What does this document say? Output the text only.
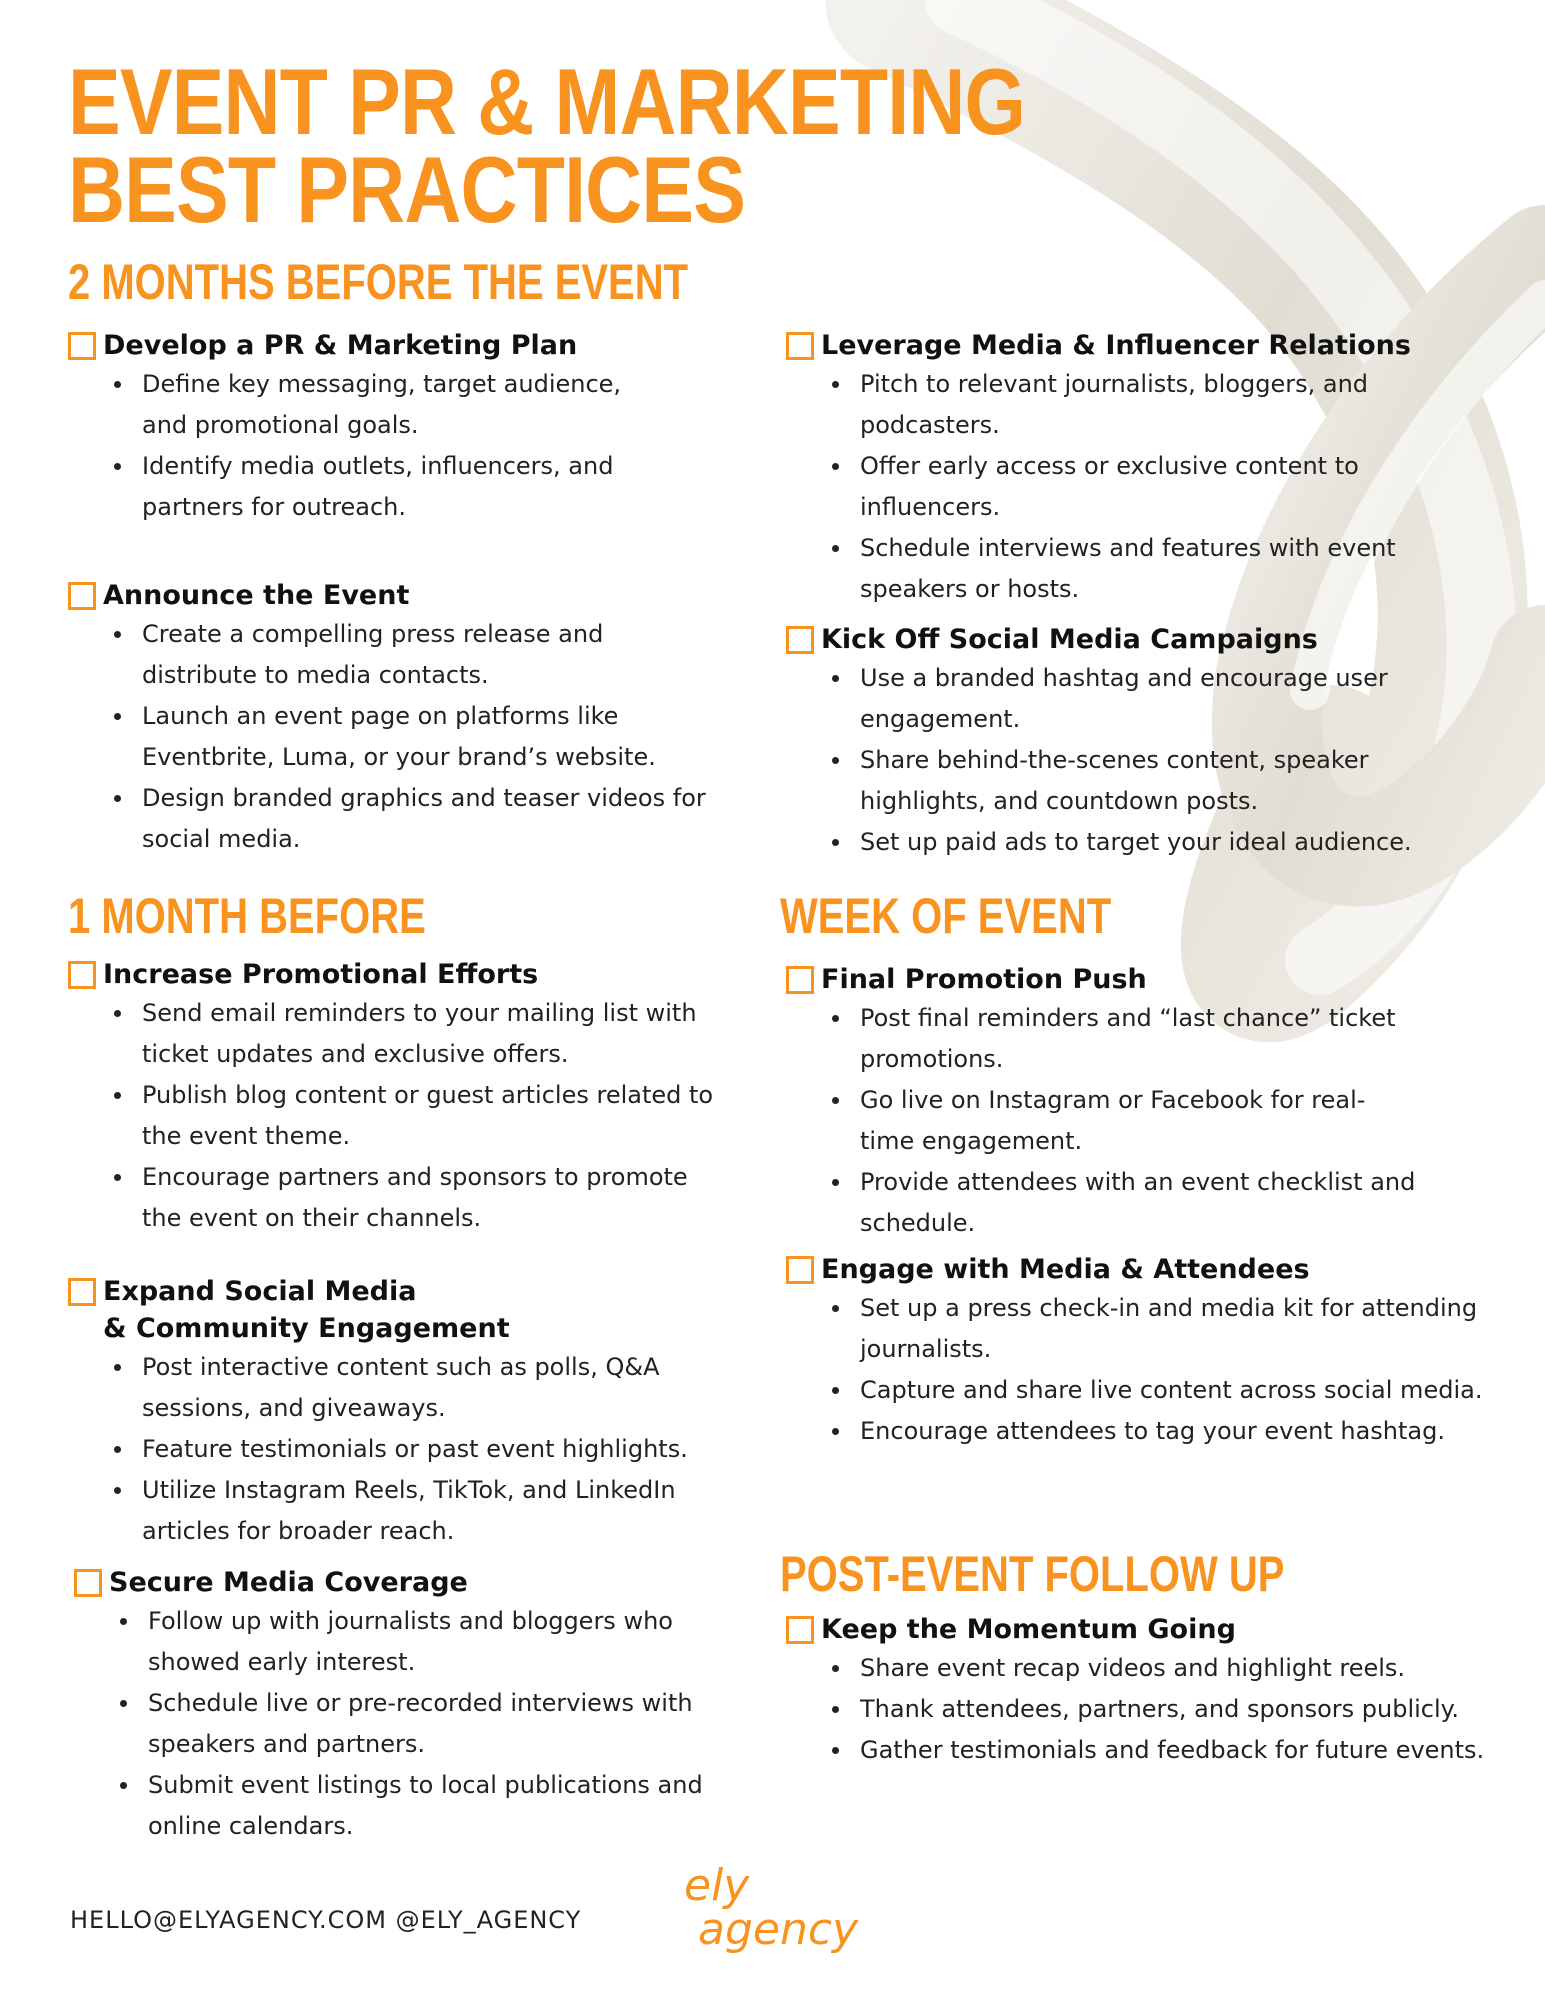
EVENT PR & MARKETING
BEST PRACTICES
2 MONTHS BEFORE THE EVENT
Develop a PR & Marketing Plan
Define key messaging, target audience,
and promotional goals.
Identify media outlets, influencers, and
partners for outreach.
Announce the Event
Create a compelling press release and
distribute to media contacts.
Launch an event page on platforms like
Eventbrite, Luma, or your brand’s website.
Design branded graphics and teaser videos for
social media.
Leverage Media & Influencer Relations
Pitch to relevant journalists, bloggers, and
podcasters.
Offer early access or exclusive content to
influencers.
Schedule interviews and features with event
speakers or hosts.
Kick Off Social Media Campaigns
Use a branded hashtag and encourage user
engagement.
Share behind-the-scenes content, speaker
highlights, and countdown posts.
Set up paid ads to target your ideal audience.
1 MONTH BEFORE
Increase Promotional Efforts
Send email reminders to your mailing list with
ticket updates and exclusive offers.
Publish blog content or guest articles related to
the event theme.
Encourage partners and sponsors to promote
the event on their channels.
Expand Social Media
& Community Engagement
Post interactive content such as polls, Q&A
sessions, and giveaways.
Feature testimonials or past event highlights.
Utilize Instagram Reels, TikTok, and LinkedIn
articles for broader reach.
Secure Media Coverage
Follow up with journalists and bloggers who
showed early interest.
Schedule live or pre-recorded interviews with
speakers and partners.
Submit event listings to local publications and
online calendars.
WEEK OF EVENT
Final Promotion Push
Post final reminders and “last chance” ticket
promotions.
Go live on Instagram or Facebook for real-
time engagement.
Provide attendees with an event checklist and
schedule.
Engage with Media & Attendees
Set up a press check-in and media kit for attending
journalists.
Capture and share live content across social media.
Encourage attendees to tag your event hashtag.
POST-EVENT FOLLOW UP
Keep the Momentum Going
Share event recap videos and highlight reels.
Thank attendees, partners, and sponsors publicly.
Gather testimonials and feedback for future events.
HELLO@ELYAGENCY.COM @ELY_AGENCY
ely
agency
